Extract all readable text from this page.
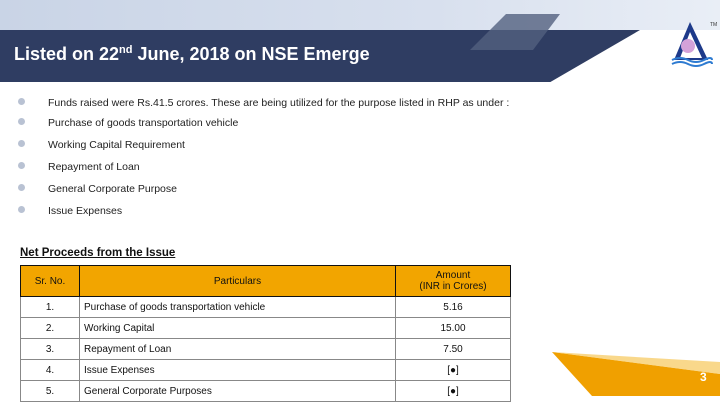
Listed on 22nd June, 2018 on NSE Emerge
TM
Funds raised were Rs.41.5 crores. These are being utilized for the purpose listed in RHP as under :
Purchase of goods transportation vehicle
Working Capital Requirement
Repayment of Loan
General Corporate Purpose
Issue Expenses
Net Proceeds from the Issue
Sr. No.	Particulars	Amount
(INR in Crores)
1.	Purchase of goods transportation vehicle	5.16
2.	Working Capital	15.00
3.	Repayment of Loan	7.50
4.	Issue Expenses	[●]
5.	General Corporate Purposes	[●]
3
